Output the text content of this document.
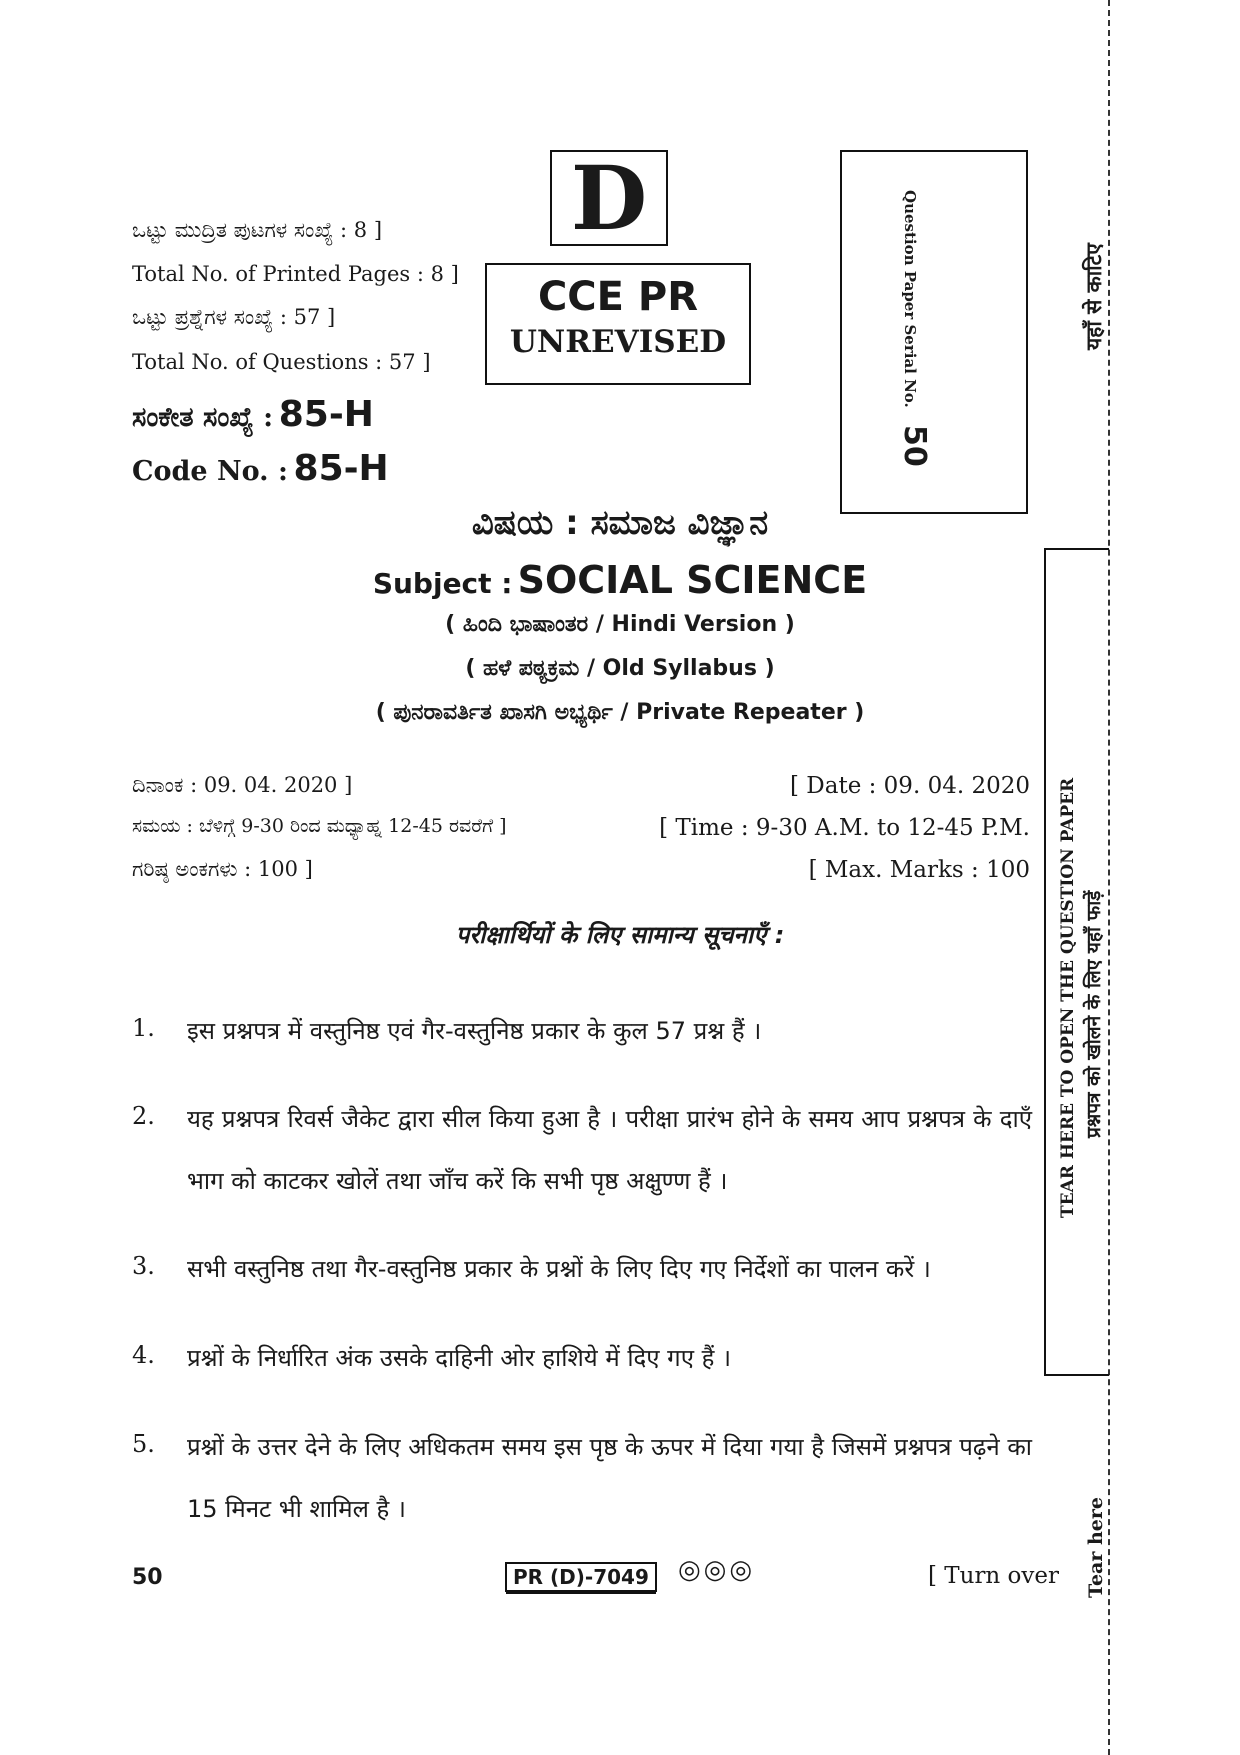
ಒಟ್ಟು ಮುದ್ರಿತ ಪುಟಗಳ ಸಂಖ್ಯೆ : 8 ]
Total No. of Printed Pages : 8 ]
ಒಟ್ಟು ಪ್ರಶ್ನೆಗಳ ಸಂಖ್ಯೆ : 57 ]
Total No. of Questions : 57 ]
ಸಂಕೇತ ಸಂಖ್ಯೆ : 85-H
Code No. : 85-H
D
CCE PR
UNREVISED	Question Paper Serial No. 50
ವಿಷಯ : ಸಮಾಜ ವಿಜ್ಞಾನ
Subject : SOCIAL SCIENCE
( ಹಿಂದಿ ಭಾಷಾಂತರ / Hindi Version )
( ಹಳೆ ಪಠ್ಯಕ್ರಮ / Old Syllabus )
( ಪುನರಾವರ್ತಿತ ಖಾಸಗಿ ಅಭ್ಯರ್ಥಿ / Private Repeater )
ದಿನಾಂಕ : 09. 04. 2020 ]	[ Date : 09. 04. 2020
ಸಮಯ : ಬೆಳಿಗ್ಗೆ 9-30 ರಿಂದ ಮಧ್ಯಾಹ್ನ 12-45 ರವರೆಗೆ ]	[ Time : 9-30 A.M. to 12-45 P.M.
ಗರಿಷ್ಠ ಅಂಕಗಳು : 100 ]	[ Max. Marks : 100
परीक्षार्थियों के लिए सामान्य सूचनाएँ :
1.	इस प्रश्नपत्र में वस्तुनिष्ठ एवं गैर-वस्तुनिष्ठ प्रकार के कुल 57 प्रश्न हैं ।
2.	यह प्रश्नपत्र रिवर्स जैकेट द्वारा सील किया हुआ है । परीक्षा प्रारंभ होने के समय आप प्रश्नपत्र के दाएँ भाग को काटकर खोलें तथा जाँच करें कि सभी पृष्ठ अक्षुण्ण हैं ।
3.	सभी वस्तुनिष्ठ तथा गैर-वस्तुनिष्ठ प्रकार के प्रश्नों के लिए दिए गए निर्देशों का पालन करें ।
4.	प्रश्नों के निर्धारित अंक उसके दाहिनी ओर हाशिये में दिए गए हैं ।
5.	प्रश्नों के उत्तर देने के लिए अधिकतम समय इस पृष्ठ के ऊपर में दिया गया है जिसमें प्रश्नपत्र पढ़ने का 15 मिनट भी शामिल है ।
50	PR (D)-7049	◎◎◎	[ Turn over
यहाँ से काटिए
TEAR HERE TO OPEN THE QUESTION PAPER प्रश्नपत्र को खोलने के लिए यहाँ फाड़ें
Tear here
